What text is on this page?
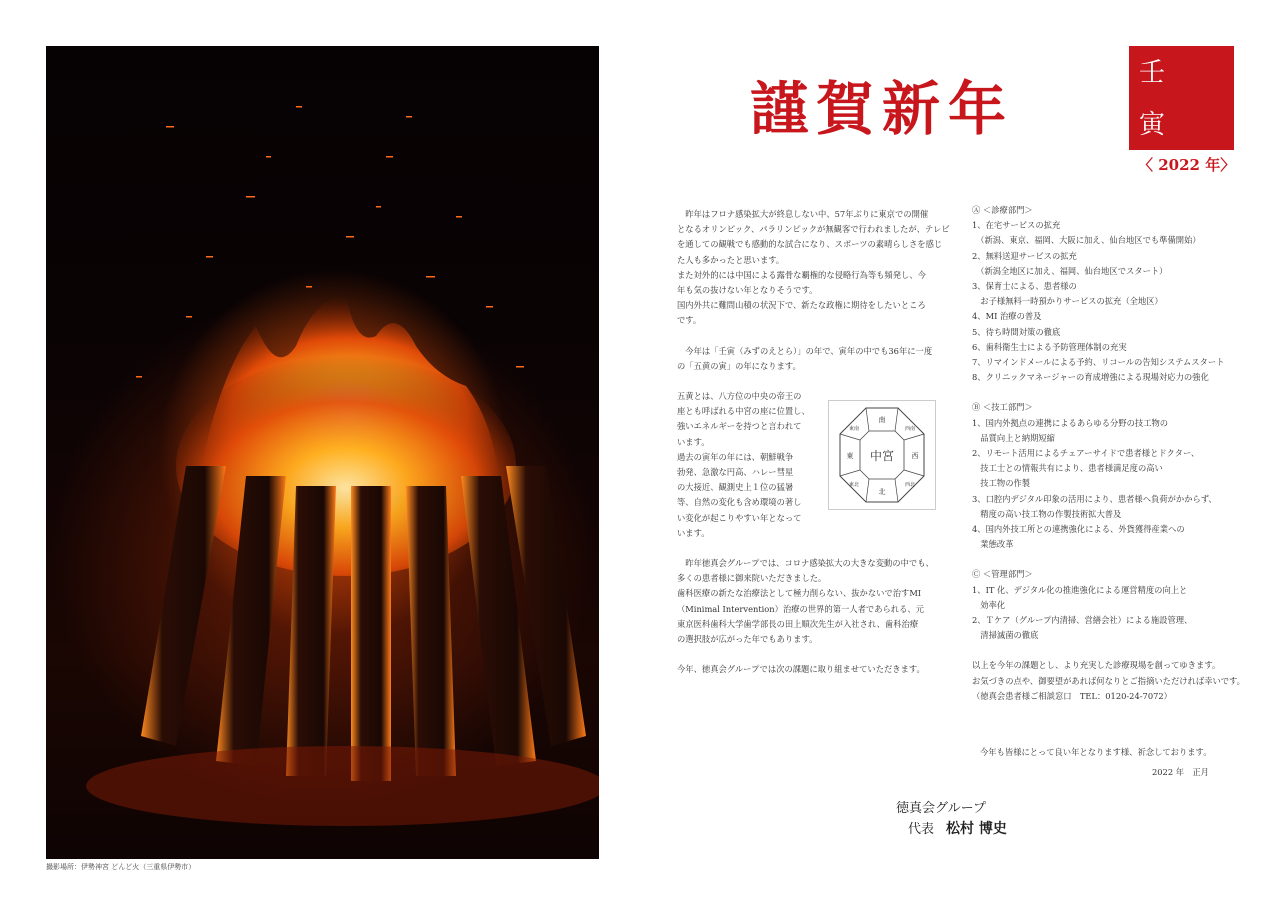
撮影場所：伊勢神宮 どんど火（三重県伊勢市）
謹賀新年
壬
寅
〈 2022 年〉

　昨年はフロナ感染拡大が終息しない中、57年ぶりに東京での開催

となるオリンピック、パラリンピックが無観客で行われましたが、テレビ

を通しての観戦でも感動的な試合になり、スポーツの素晴らしさを感じ

た人も多かったと思います。

また対外的には中国による露骨な覇権的な侵略行為等も頻発し、今

年も気の抜けない年となりそうです。

国内外共に難問山積の状況下で、新たな政権に期待をしたいところ

です。

　今年は「壬寅（みずのえとら）」の年で、寅年の中でも36年に一度

の「五黄の寅」の年になります。

五黄とは、八方位の中央の帝王の

座とも呼ばれる中宮の座に位置し、

強いエネルギーを持つと言われて

います。

過去の寅年の年には、朝鮮戦争

勃発、急激な円高、ハレー彗星

の大接近、観測史上１位の猛暑

等、自然の変化も含め環境の著し

い変化が起こりやすい年となって

います。

　昨年徳真会グループでは、コロナ感染拡大の大きな変動の中でも、

多くの患者様に御来院いただきました。

歯科医療の新たな治療法として極力削らない、抜かないで治すMI

（Minimal Intervention）治療の世界的第一人者であられる、元

東京医科歯科大学歯学部長の田上順次先生が入社され、歯科治療

の選択肢が広がった年でもあります。

今年、徳真会グループでは次の課題に取り組ませていただきます。

中宮
南
北
東	西
東南	西南
東北	西北

Ⓐ ＜診療部門＞

1、在宅サービスの拡充

　（新潟、東京、福岡、大阪に加え、仙台地区でも準備開始）

2、無料送迎サービスの拡充

　（新潟全地区に加え、福岡、仙台地区でスタート）

3、保育士による、患者様の

　お子様無料一時預かりサービスの拡充（全地区）

4、MI 治療の普及

5、待ち時間対策の徹底

6、歯科衛生士による予防管理体制の充実

7、リマインドメールによる予約、リコールの告知システムスタート

8、クリニックマネージャーの育成増強による現場対応力の強化

Ⓑ ＜技工部門＞

1、国内外拠点の連携によるあらゆる分野の技工物の

　品質向上と納期短縮

2、リモート活用によるチェアーサイドで患者様とドクター、

　技工士との情報共有により、患者様満足度の高い

　技工物の作製

3、口腔内デジタル印象の活用により、患者様へ負荷がかからず、

　精度の高い技工物の作製技術拡大普及

4、国内外技工所との連携強化による、外貨獲得産業への

　業態改革

Ⓒ ＜管理部門＞

1、IT 化、デジタル化の推進強化による運営精度の向上と

　効率化

2、Ｔケア（グループ内清掃、営繕会社）による施設管理、

　清掃滅菌の徹底

以上を今年の課題とし、より充実した診療現場を創ってゆきます。

お気づきの点や、御要望があれば何なりとご指摘いただければ幸いです。

（徳真会患者様ご相談窓口　TEL：0120-24-7072）

今年も皆様にとって良い年となります様、祈念しております。
2022 年　正月
徳真会グループ
代表 松村 博史
